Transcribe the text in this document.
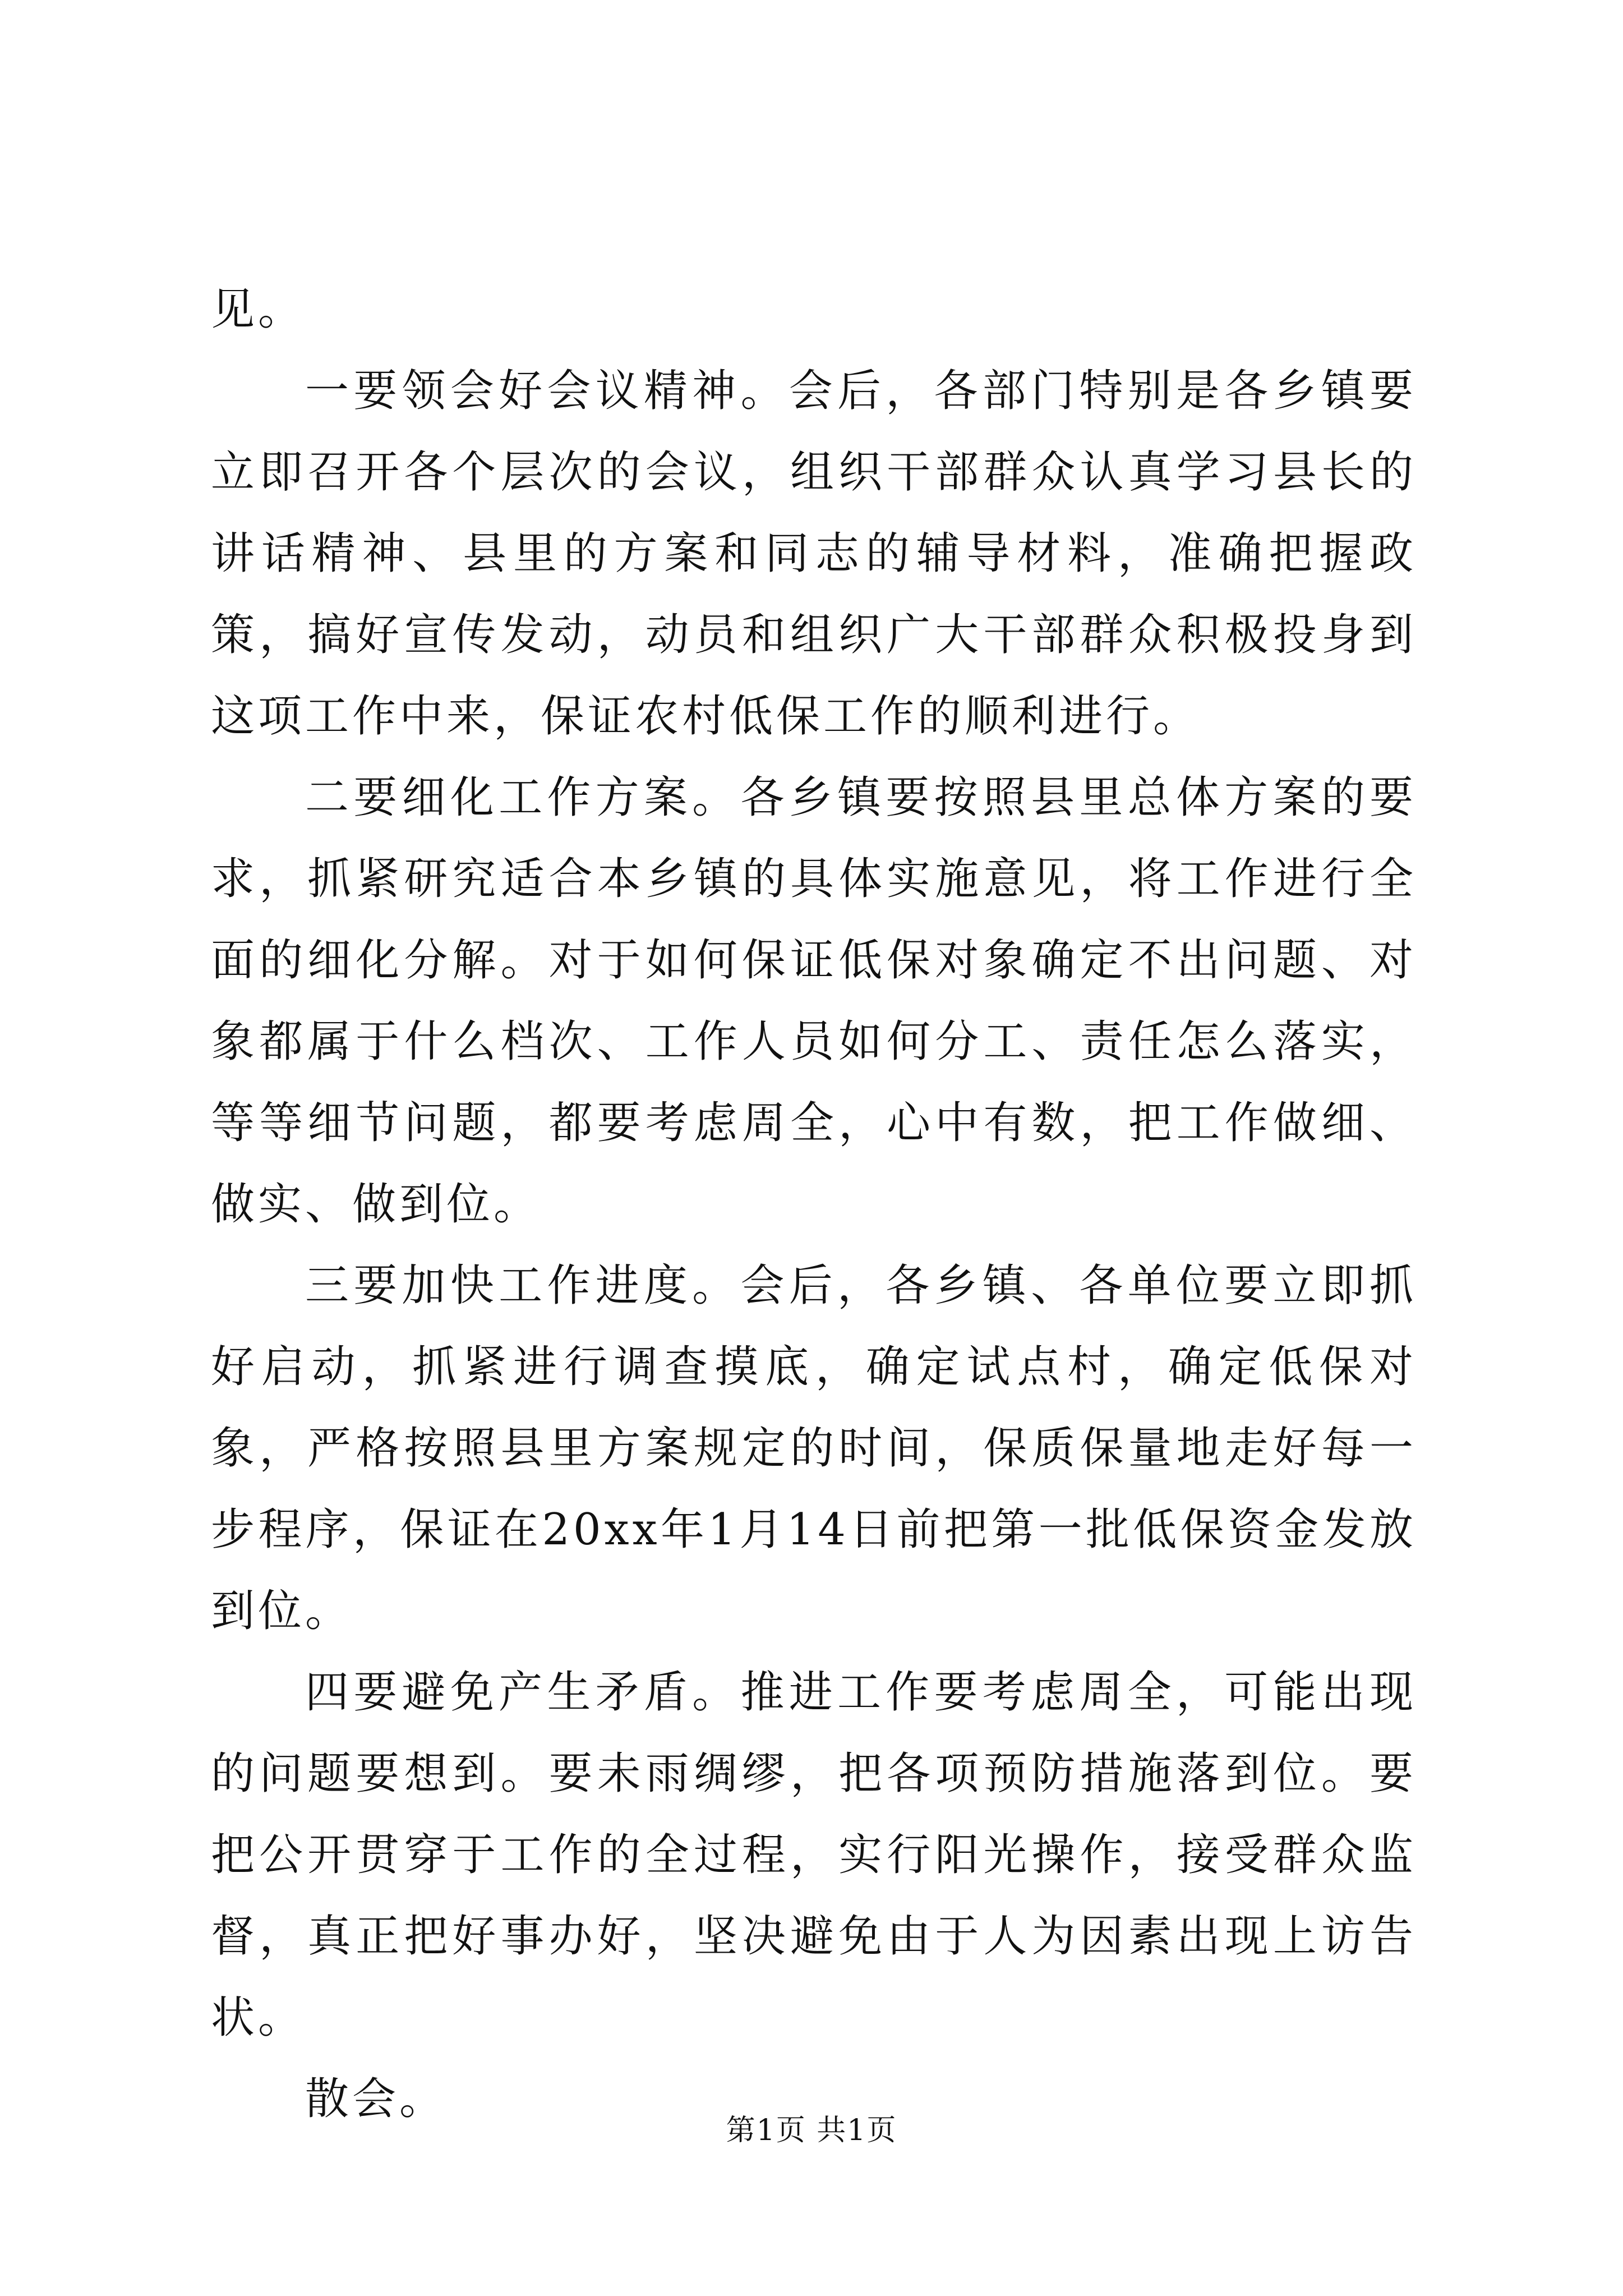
见。

一要领会好会议精神。会后，各部门特别是各乡镇要立即召开各个层次的会议，组织干部群众认真学习县长的讲话精神、县里的方案和同志的辅导材料，准确把握政策，搞好宣传发动，动员和组织广大干部群众积极投身到这项工作中来，保证农村低保工作的顺利进行。

二要细化工作方案。各乡镇要按照县里总体方案的要求，抓紧研究适合本乡镇的具体实施意见，将工作进行全面的细化分解。对于如何保证低保对象确定不出问题、对象都属于什么档次、工作人员如何分工、责任怎么落实，等等细节问题，都要考虑周全，心中有数，把工作做细、做实、做到位。

三要加快工作进度。会后，各乡镇、各单位要立即抓好启动，抓紧进行调查摸底，确定试点村，确定低保对象，严格按照县里方案规定的时间，保质保量地走好每一步程序，保证在20xx年1月14日前把第一批低保资金发放到位。

四要避免产生矛盾。推进工作要考虑周全，可能出现的问题要想到。要未雨绸缪，把各项预防措施落到位。要把公开贯穿于工作的全过程，实行阳光操作，接受群众监督，真正把好事办好，坚决避免由于人为因素出现上访告状。

散会。

第1页 共1页
